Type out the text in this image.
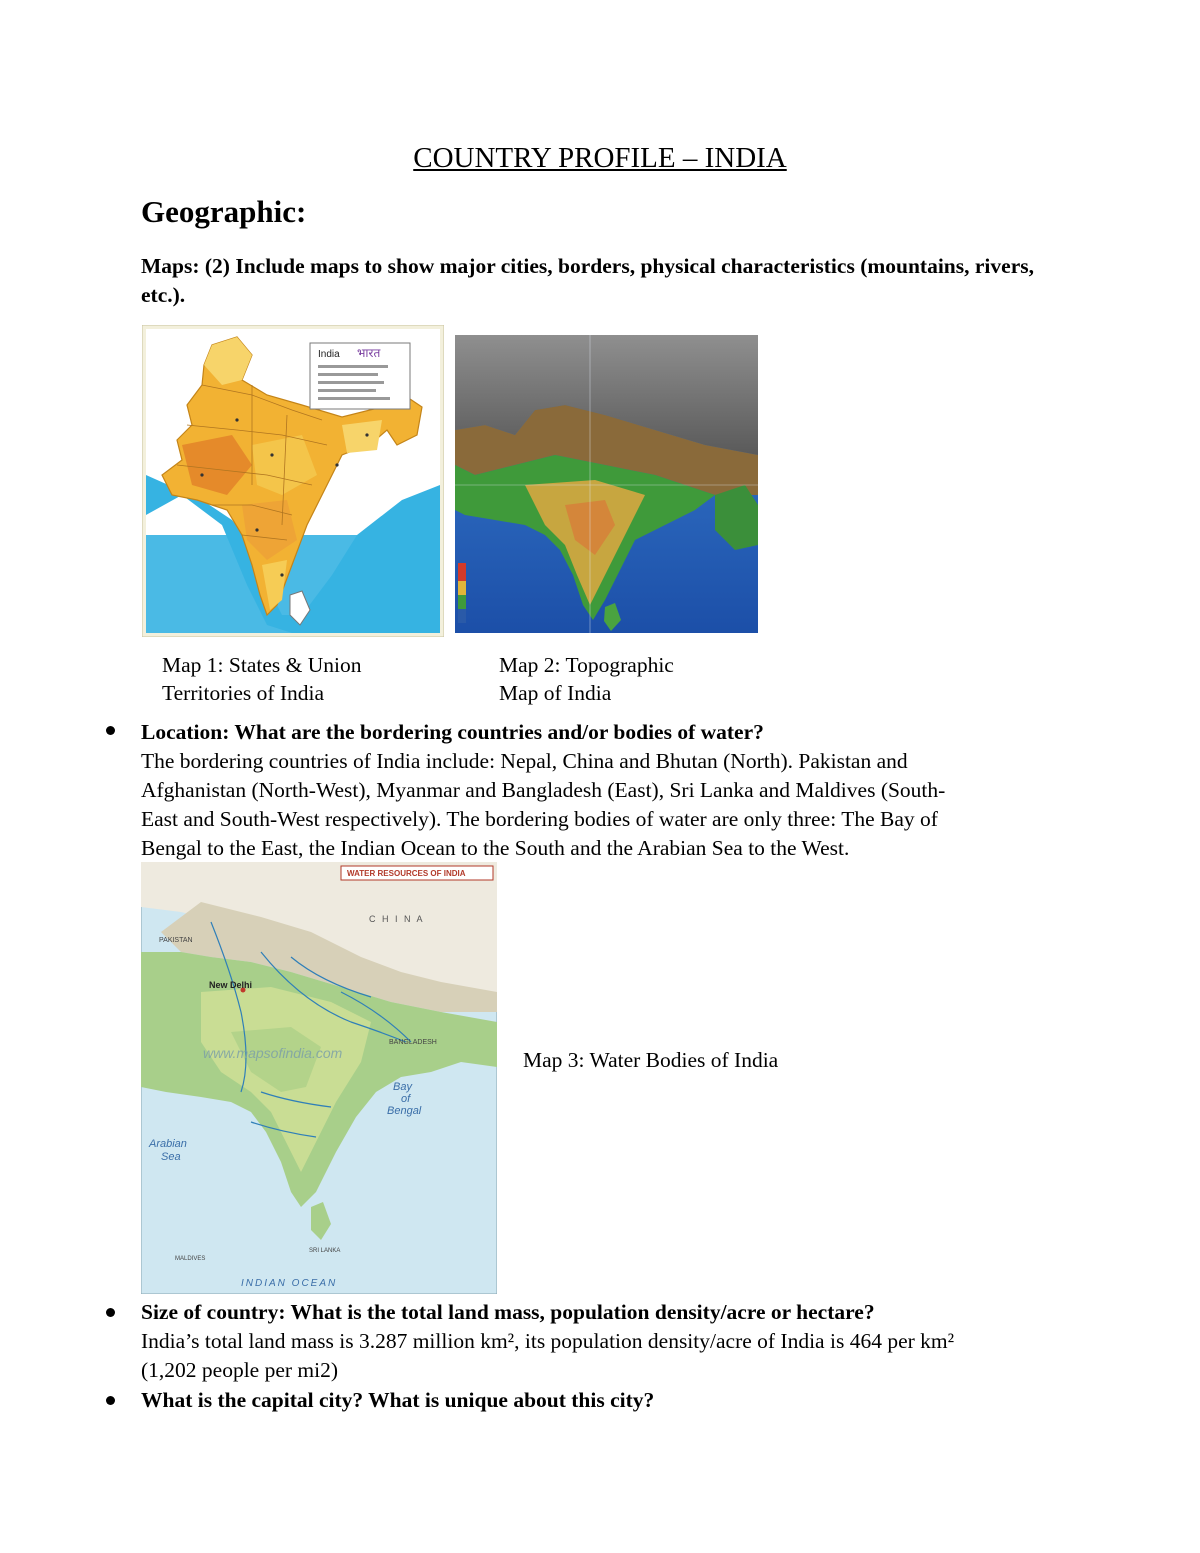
COUNTRY PROFILE – INDIA
Geographic:
Maps: (2) Include maps to show major cities, borders, physical characteristics (mountains, rivers, etc.).
India भारत
Map 1: States & Union
Territories of India
Map 2: Topographic
Map of India
Location: What are the bordering countries and/or bodies of water?
The bordering countries of India include: Nepal, China and Bhutan (North). Pakistan and
Afghanistan (North-West), Myanmar and Bangladesh (East), Sri Lanka and Maldives (South-
East and South-West respectively). The bordering bodies of water are only three: The Bay of
Bengal to the East, the Indian Ocean to the South and the Arabian Sea to the West.
WATER RESOURCES OF INDIA
C H I N A
PAKISTAN
New Delhi
BANGLADESH
www.mapsofindia.com
Bay
of
Bengal
Arabian
Sea
SRI LANKA
MALDIVES
INDIAN OCEAN
Map 3: Water Bodies of India
Size of country: What is the total land mass, population density/acre or hectare?
India’s total land mass is 3.287 million km², its population density/acre of India is 464 per km²
(1,202 people per mi2)
What is the capital city? What is unique about this city?
